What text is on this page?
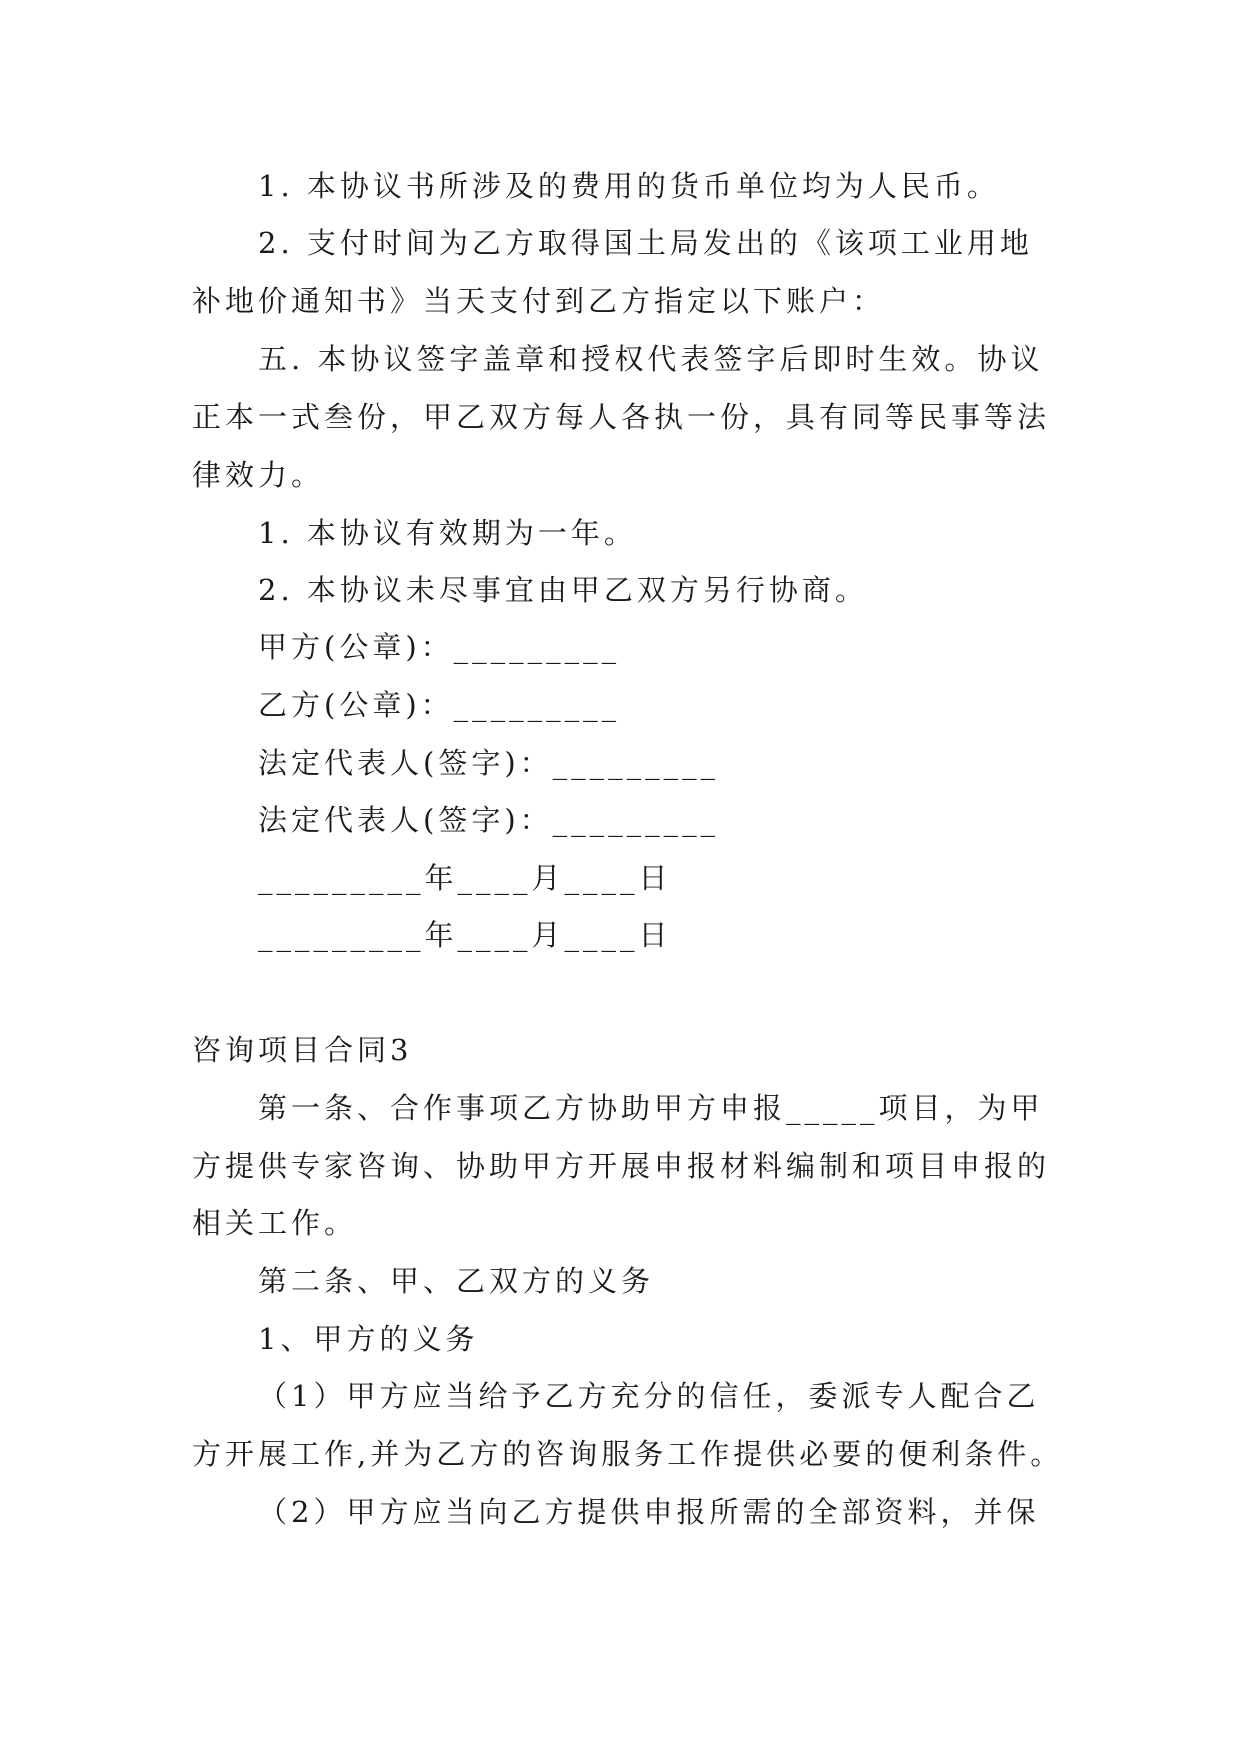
1. 本协议书所涉及的费用的货币单位均为人民币。
2. 支付时间为乙方取得国土局发出的《该项工业用地
补地价通知书》当天支付到乙方指定以下账户：
五. 本协议签字盖章和授权代表签字后即时生效。协议
正本一式叁份，甲乙双方每人各执一份，具有同等民事等法
律效力。
1. 本协议有效期为一年。
2. 本协议未尽事宜由甲乙双方另行协商。
甲方(公章)：_________
乙方(公章)：_________
法定代表人(签字)：_________
法定代表人(签字)：_________
_________年____月____日
_________年____月____日
咨询项目合同3
第一条、合作事项乙方协助甲方申报_____项目，为甲
方提供专家咨询、协助甲方开展申报材料编制和项目申报的
相关工作。
第二条、甲、乙双方的义务
1、甲方的义务
（1）甲方应当给予乙方充分的信任，委派专人配合乙
方开展工作,并为乙方的咨询服务工作提供必要的便利条件。
（2）甲方应当向乙方提供申报所需的全部资料，并保
